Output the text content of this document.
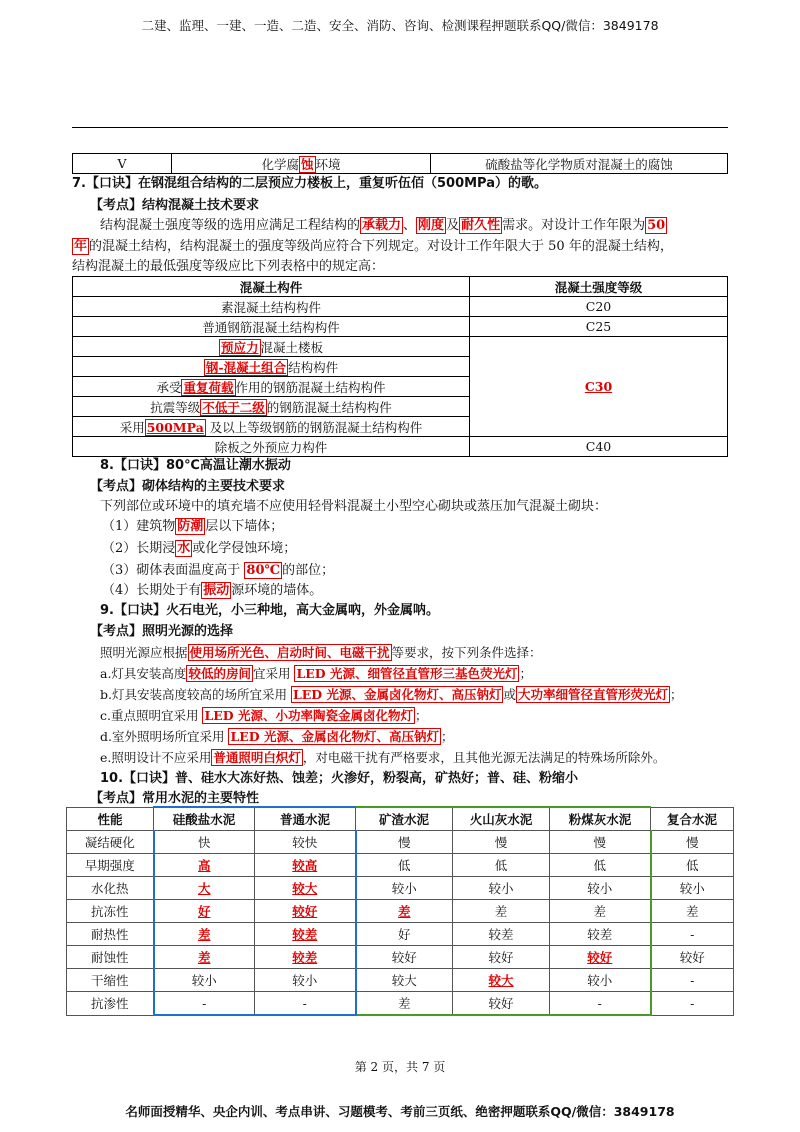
二建、监理、一建、一造、二造、安全、消防、咨询、检测课程押题联系QQ/微信：3849178
V	化学腐 蚀 环境	硫酸盐等化学物质对混凝土的腐蚀
7.【口诀】在钢混组合结构的二层预应力楼板上，重复听伍佰（500MPa）的歌。
【考点】结构混凝土技术要求
结构混凝土强度等级的选用应满足工程结构的 承载力 、 刚度 及 耐久性 需求。对设计工作年限为 50
年 的混凝土结构，结构混凝土的强度等级尚应符合下列规定。对设计工作年限大于 50 年的混凝土结构，
结构混凝土的最低强度等级应比下列表格中的规定高：
混凝土构件	混凝土强度等级
素混凝土结构构件	C20
普通钢筋混凝土结构构件	C25
预应力 混凝土楼板	C30
钢-混凝土组合 结构构件	
承受 重复荷载 作用的钢筋混凝土结构构件	
抗震等级 不低于二级 的钢筋混凝土结构构件	
采用 500MPa 及以上等级钢筋的钢筋混凝土结构构件	
除板之外预应力构件	C40
8.【口诀】80℃高温让潮水振动
【考点】砌体结构的主要技术要求
下列部位或环境中的填充墙不应使用轻骨料混凝土小型空心砌块或蒸压加气混凝土砌块：
（1）建筑物 防潮 层以下墙体；
（2）长期浸 水 或化学侵蚀环境；
（3）砌体表面温度高于 80℃ 的部位；
（4）长期处于有 振动 源环境的墙体。
9.【口诀】火石电光，小三种地，高大金属吶，外金属呐。
【考点】照明光源的选择
照明光源应根据 使用场所光色、启动时间、电磁干扰 等要求，按下列条件选择：
a.灯具安装高度 较低的房间 宜采用 LED 光源、细管径直管形三基色荧光灯 ；
b.灯具安装高度较高的场所宜采用 LED 光源、金属卤化物灯、高压钠灯 或 大功率细管径直管形荧光灯 ；
c.重点照明宜采用 LED 光源、小功率陶瓷金属卤化物灯 ；
d.室外照明场所宜采用 LED 光源、金属卤化物灯、高压钠灯 ；
e.照明设计不应采用 普通照明白炽灯 ，对电磁干扰有严格要求，且其他光源无法满足的特殊场所除外。
10.【口诀】普、硅水大冻好热、蚀差；火渗好，粉裂高，矿热好；普、硅、粉缩小
【考点】常用水泥的主要特性
性能	硅酸盐水泥	普通水泥	矿渣水泥	火山灰水泥	粉煤灰水泥	复合水泥
凝结硬化	快	较快	慢	慢	慢	慢
早期强度	高	较高	低	低	低	低
水化热	大	较大	较小	较小	较小	较小
抗冻性	好	较好	差	差	差	差
耐热性	差	较差	好	较差	较差	-
耐蚀性	差	较差	较好	较好	较好	较好
干缩性	较小	较小	较大	较大	较小	-
抗渗性	-	-	差	较好	-	-
第 2 页，共 7 页
名师面授精华、央企内训、考点串讲、习题模考、考前三页纸、绝密押题联系QQ/微信：3849178
